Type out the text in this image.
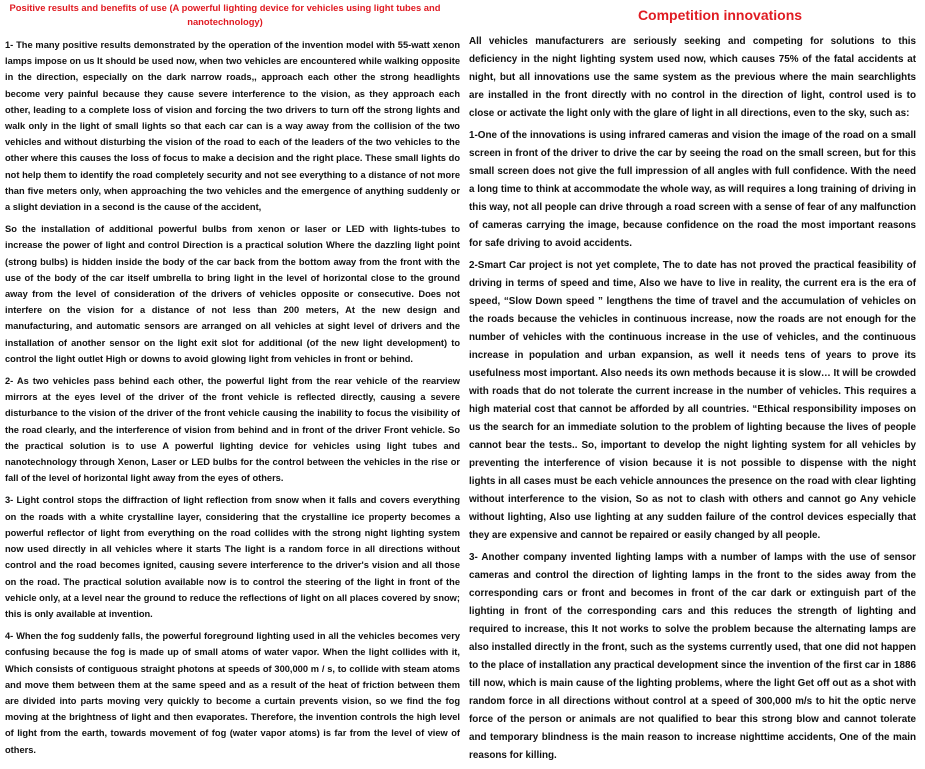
Positive results and benefits of use (A powerful lighting device for vehicles using light tubes and nanotechnology)

1- The many positive results demonstrated by the operation of the invention model with 55-watt xenon lamps impose on us It should be used now, when two vehicles are encountered while walking opposite in the direction, especially on the dark narrow roads,, approach each other the strong headlights become very painful because they cause severe interference to the vision, as they approach each other, leading to a complete loss of vision and forcing the two drivers to turn off the strong lights and walk only in the light of small lights so that each car can is a way away from the collision of the two vehicles and without disturbing the vision of the road to each of the leaders of the two vehicles to the other where this causes the loss of focus to make a decision and the right place. These small lights do not help them to identify the road completely security and not see everything to a distance of not more than five meters only, when approaching the two vehicles and the emergence of anything suddenly or a slight deviation in a second is the cause of the accident,

So the installation of additional powerful bulbs from xenon or laser or LED with lights-tubes to increase the power of light and control Direction is a practical solution Where the dazzling light point (strong bulbs) is hidden inside the body of the car back from the bottom away from the front with the use of the body of the car itself umbrella to bring light in the level of horizontal close to the ground away from the level of consideration of the drivers of vehicles opposite or consecutive. Does not interfere on the vision for a distance of not less than 200 meters, At the new design and manufacturing, and automatic sensors are arranged on all vehicles at sight level of drivers and the installation of another sensor on the light exit slot for additional (of the new light development) to control the light outlet High or downs to avoid glowing light from vehicles in front or behind.

2- As two vehicles pass behind each other, the powerful light from the rear vehicle of the rearview mirrors at the eyes level of the driver of the front vehicle is reflected directly, causing a severe disturbance to the vision of the driver of the front vehicle causing the inability to focus the visibility of the road clearly, and the interference of vision from behind and in front of the driver Front vehicle. So the practical solution is to use A powerful lighting device for vehicles using light tubes and nanotechnology through Xenon, Laser or LED bulbs for the control between the vehicles in the rise or fall of the level of horizontal light away from the eyes of others.

3- Light control stops the diffraction of light reflection from snow when it falls and covers everything on the roads with a white crystalline layer, considering that the crystalline ice property becomes a powerful reflector of light from everything on the road collides with the strong night lighting system now used directly in all vehicles where it starts The light is a random force in all directions without control and the road becomes ignited, causing severe interference to the driver's vision and all those on the road. The practical solution available now is to control the steering of the light in front of the vehicle only, at a level near the ground to reduce the reflections of light on all places covered by snow; this is only available at invention.

4- When the fog suddenly falls, the powerful foreground lighting used in all the vehicles becomes very confusing because the fog is made up of small atoms of water vapor. When the light collides with it, Which consists of contiguous straight photons at speeds of 300,000 m / s, to collide with steam atoms and move them between them at the same speed and as a result of the heat of friction between them are divided into parts moving very quickly to become a curtain prevents vision, so we find the fog moving at the brightness of light and then evaporates. Therefore, the invention controls the high level of light from the earth, towards movement of fog (water vapor atoms) is far from the level of view of others.

Competition innovations

All vehicles manufacturers are seriously seeking and competing for solutions to this deficiency in the night lighting system used now, which causes 75% of the fatal accidents at night, but all innovations use the same system as the previous where the main searchlights are installed in the front directly with no control in the direction of light, control used is to close or activate the light only with the glare of light in all directions, even to the sky, such as:

1-One of the innovations is using infrared cameras and vision the image of the road on a small screen in front of the driver to drive the car by seeing the road on the small screen, but for this small screen does not give the full impression of all angles with full confidence. With the need a long time to think at accommodate the whole way, as will requires a long training of driving in this way, not all people can drive through a road screen with a sense of fear of any malfunction of cameras carrying the image, because confidence on the road the most important reasons for safe driving to avoid accidents.

2-Smart Car project is not yet complete, The to date has not proved the practical feasibility of driving in terms of speed and time, Also we have to live in reality, the current era is the era of speed, “Slow Down speed ” lengthens the time of travel and the accumulation of vehicles on the roads because the vehicles in continuous increase, now the roads are not enough for the number of vehicles with the continuous increase in the use of vehicles, and the continuous increase in population and urban expansion, as well it needs tens of years to prove its usefulness most important. Also needs its own methods because it is slow… It will be crowded with roads that do not tolerate the current increase in the number of vehicles. This requires a high material cost that cannot be afforded by all countries. “Ethical responsibility imposes on us the search for an immediate solution to the problem of lighting because the lives of people cannot bear the tests.. So, important to develop the night lighting system for all vehicles by preventing the interference of vision because it is not possible to dispense with the night lights in all cases must be each vehicle announces the presence on the road with clear lighting without interference to the vision, So as not to clash with others and cannot go Any vehicle without lighting, Also use lighting at any sudden failure of the control devices especially that they are expensive and cannot be repaired or easily changed by all people.

3- Another company invented lighting lamps with a number of lamps with the use of sensor cameras and control the direction of lighting lamps in the front to the sides away from the corresponding cars or front and becomes in front of the car dark or extinguish part of the lighting in front of the corresponding cars and this reduces the strength of lighting and required to increase, this It not works to solve the problem because the alternating lamps are also installed directly in the front, such as the systems currently used, that one did not happen to the place of installation any practical development since the invention of the first car in 1886 till now, which is main cause of the lighting problems, where the light Get off out as a shot with random force in all directions without control at a speed of 300,000 m/s to hit the optic nerve force of the person or animals are not qualified to bear this strong blow and cannot tolerate and temporary blindness is the main reason to increase nighttime accidents, One of the main reasons for killing.
